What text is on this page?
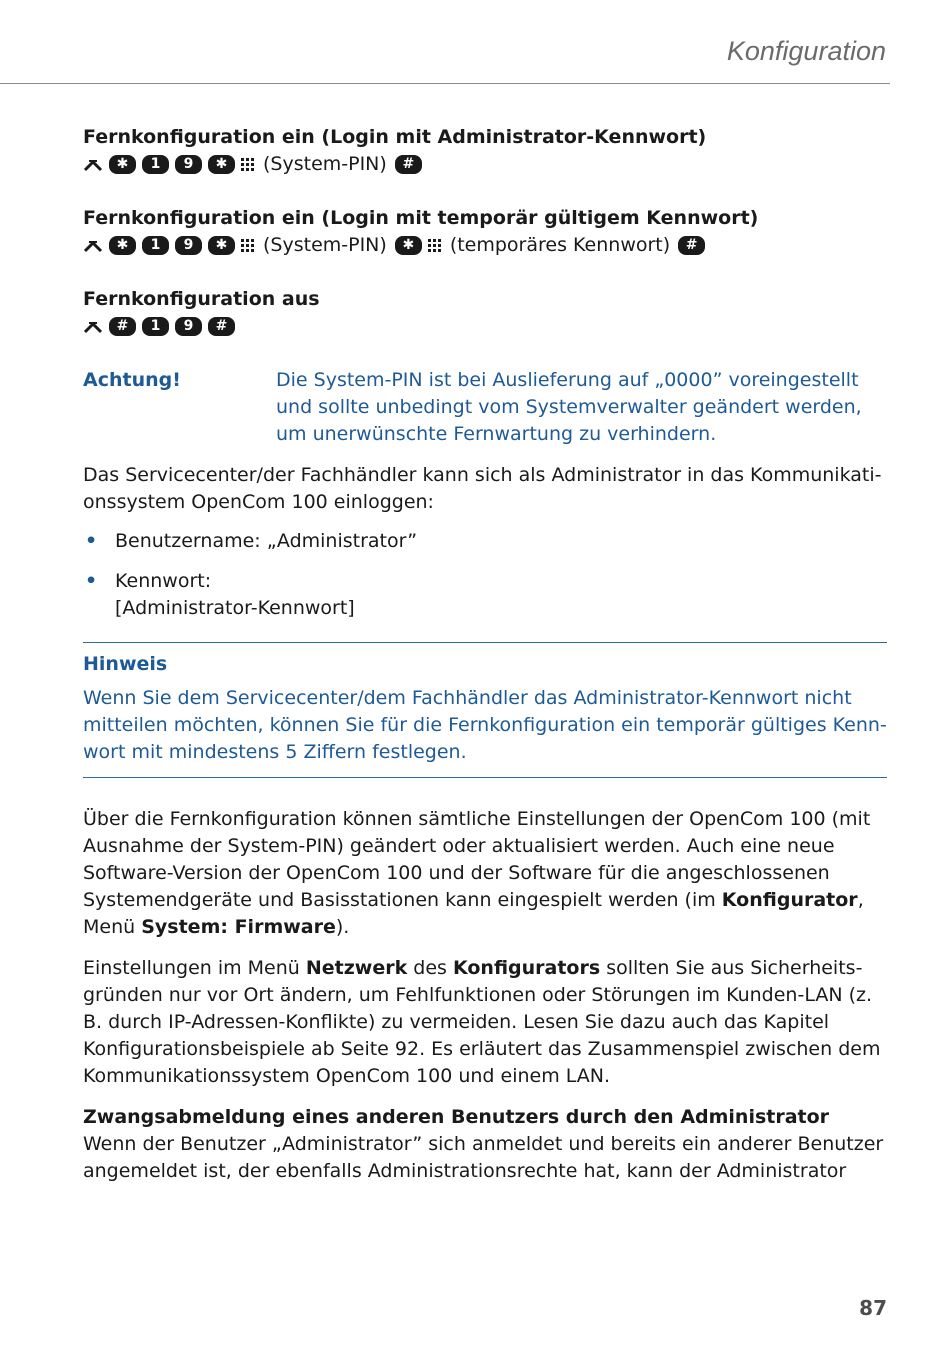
Konfiguration

Fernkonfiguration ein (Login mit Administrator-Kennwort)

✱	1	9	✱	(System-PIN)	#

Fernkonfiguration ein (Login mit temporär gültigem Kennwort)

✱	1	9	✱	(System-PIN)	✱	(temporäres Kennwort)	#

Fernkonfiguration aus

#	1	9	#
Achtung!	Die System-PIN ist bei Auslieferung auf „0000” voreingestellt und sollte unbedingt vom Systemverwalter geändert werden, um unerwünschte Fernwartung zu verhindern.

Das Servicecenter/der Fachhändler kann sich als Administrator in das Kommunikationssystem OpenCom 100 einloggen:

• Benutzername: „Administrator”
• Kennwort:
[Administrator-Kennwort]
Hinweis
Wenn Sie dem Servicecenter/dem Fachhändler das Administrator-Kennwort nicht mitteilen möchten, können Sie für die Fernkonfiguration ein temporär gültiges Kennwort mit mindestens 5 Ziffern festlegen.

Über die Fernkonfiguration können sämtliche Einstellungen der OpenCom 100 (mit Ausnahme der System-PIN) geändert oder aktualisiert werden. Auch eine neue Software-Version der OpenCom 100 und der Software für die angeschlossenen Systemendgeräte und Basisstationen kann eingespielt werden (im Konfigurator, Menü System: Firmware).

Einstellungen im Menü Netzwerk des Konfigurators sollten Sie aus Sicherheitsgründen nur vor Ort ändern, um Fehlfunktionen oder Störungen im Kunden-LAN (z. B. durch IP-Adressen-Konflikte) zu vermeiden. Lesen Sie dazu auch das Kapitel Konfigurationsbeispiele ab Seite 92. Es erläutert das Zusammenspiel zwischen dem Kommunikationssystem OpenCom 100 und einem LAN.

Zwangsabmeldung eines anderen Benutzers durch den Administrator
Wenn der Benutzer „Administrator” sich anmeldet und bereits ein anderer Benutzer angemeldet ist, der ebenfalls Administrationsrechte hat, kann der Administrator

87
